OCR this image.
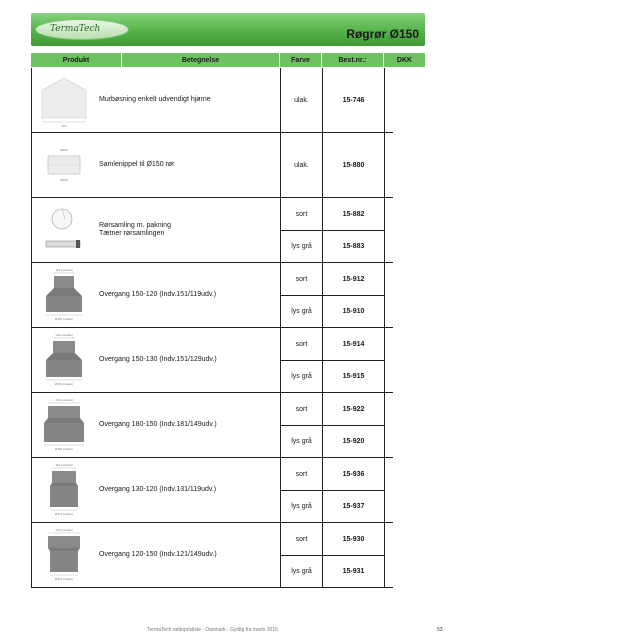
TermaTech	Røgrør Ø150
Produkt	Betegnelse	Farve	Best.nr.:	DKK
200
Murbøsning enkelt udvendigt hjørne	ulak.	15-746
Ø150
Ø150
Samlenippel til Ø150 rør	ulak.	15-880
Rørsamling m. pakning
Tætner rørsamlingen
sort	15-882
lys grå	15-883
119 (outside)
Ø151 (inside)
Overgang 150-120 (Indv.151/119udv.)
sort	15-912
lys grå	15-910
129 (outside)
Ø151 (inside)
Overgang 150-130 (Indv.151/129udv.)
sort	15-914
lys grå	15-915
149 (outside)
Ø181 (inside)
Overgang 180-150 (Indv.181/149udv.)
sort	15-922
lys grå	15-920
119 (outside)
Ø131 (inside)
Overgang 130-120 (Indv.131/119udv.)
sort	15-936
lys grå	15-937
149 (outside)
Ø121 (inside)
Overgang 120-150 (Indv.121/149udv.)
sort	15-930
lys grå	15-931
TermaTech nettoprisliste - Danmark - Gyldig fra marts 2015	53
